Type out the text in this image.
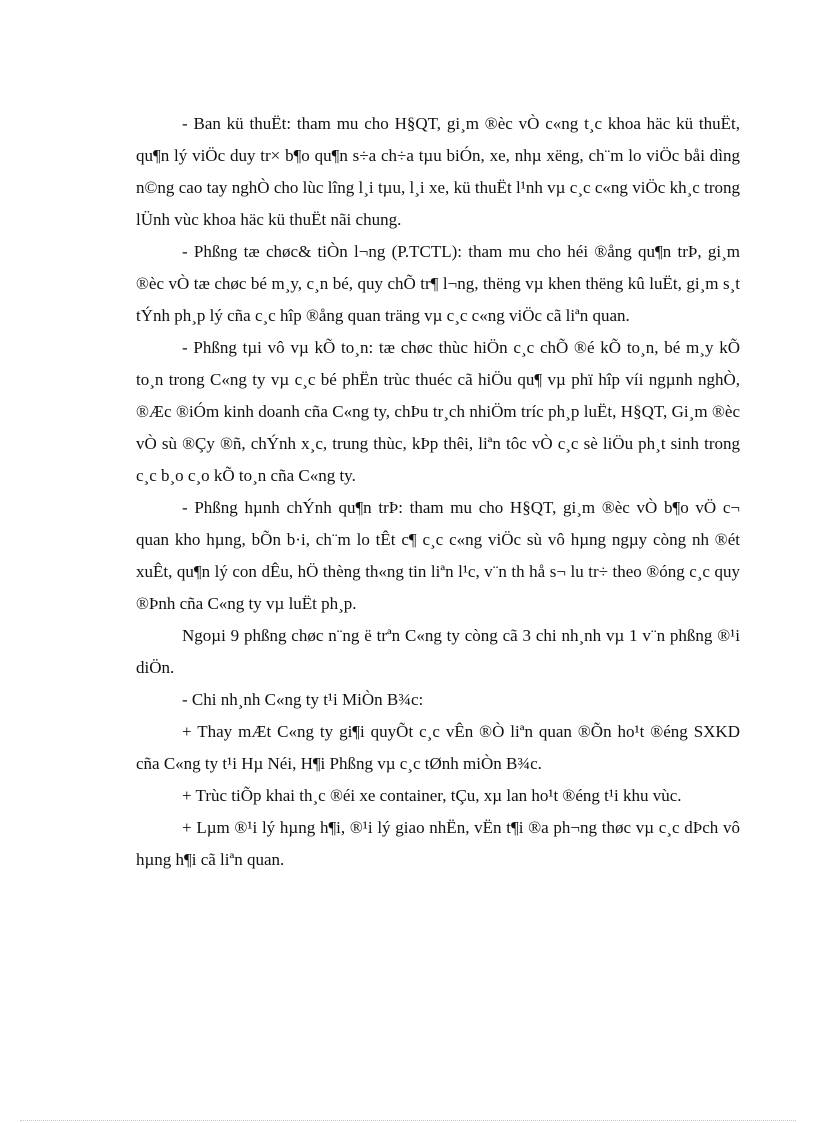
- Ban kü thuËt: tham mu cho H§QT, gi¸m ®èc vÒ c«ng t¸c khoa häc kü thuËt, qu¶n lý viÖc duy tr× b¶o qu¶n s÷a ch÷a tµu biÓn, xe, nhµ xëng, ch¨m lo viÖc båi dìng n©ng cao tay nghÒ cho lùc lîng l¸i tµu, l¸i xe, kü thuËt l¹nh vµ c¸c c«ng viÖc kh¸c trong lÜnh vùc khoa häc kü thuËt nãi chung.

- Phßng tæ chøc& tiÒn l¬ng (P.TCTL): tham mu cho héi ®ång qu¶n trÞ, gi¸m ®èc vÒ tæ chøc bé m¸y, c¸n bé, quy chÕ tr¶ l¬ng, thëng vµ khen thëng kû luËt, gi¸m s¸t tÝnh ph¸p lý cña c¸c hîp ®ång quan träng vµ c¸c c«ng viÖc cã liªn quan.

- Phßng tµi vô vµ kÕ to¸n: tæ chøc thùc hiÖn c¸c chÕ ®é kÕ to¸n, bé m¸y kÕ to¸n trong C«ng ty vµ c¸c bé phËn trùc thuéc cã hiÖu qu¶ vµ phï hîp víi ngµnh nghÒ, ®Æc ®iÓm kinh doanh cña C«ng ty, chÞu tr¸ch nhiÖm tríc ph¸p luËt, H§QT, Gi¸m ®èc vÒ sù ®Çy ®ñ, chÝnh x¸c, trung thùc, kÞp thêi, liªn tôc vÒ c¸c sè liÖu ph¸t sinh trong c¸c b¸o c¸o kÕ to¸n cña C«ng ty.

- Phßng hµnh chÝnh qu¶n trÞ: tham mu cho H§QT, gi¸m ®èc vÒ b¶o vÖ c¬ quan kho hµng, bÕn b·i, ch¨m lo tÊt c¶ c¸c c«ng viÖc sù vô hµng ngµy còng nh ®ét xuÊt, qu¶n lý con dÊu, hÖ thèng th«ng tin liªn l¹c, v¨n th hå s¬ lu tr÷ theo ®óng c¸c quy ®Þnh cña C«ng ty vµ luËt ph¸p.

Ngoµi 9 phßng chøc n¨ng ë trªn C«ng ty còng cã 3 chi nh¸nh vµ 1 v¨n phßng ®¹i diÖn.

- Chi nh¸nh C«ng ty t¹i MiÒn B¾c:

+ Thay mÆt C«ng ty gi¶i quyÕt c¸c vÊn ®Ò liªn quan ®Õn ho¹t ®éng SXKD cña C«ng ty t¹i Hµ Néi, H¶i Phßng vµ c¸c tØnh miÒn B¾c.

+ Trùc tiÕp khai th¸c ®éi xe container, tÇu, xµ lan ho¹t ®éng t¹i khu vùc.

+ Lµm ®¹i lý hµng h¶i, ®¹i lý giao nhËn, vËn t¶i ®a ph¬ng thøc vµ c¸c dÞch vô hµng h¶i cã liªn quan.
